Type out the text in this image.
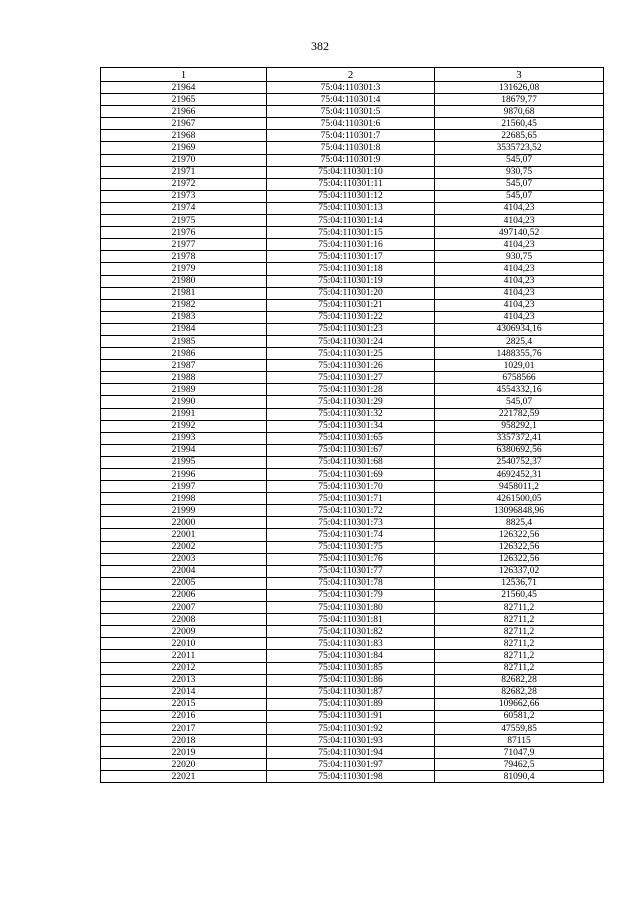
382
1	2	3
21964	75:04:110301:3	131626,08
21965	75:04:110301:4	18679,77
21966	75:04:110301:5	9870,68
21967	75:04:110301:6	21560,45
21968	75:04:110301:7	22685,65
21969	75:04:110301:8	3535723,52
21970	75:04:110301:9	545,07
21971	75:04:110301:10	930,75
21972	75:04:110301:11	545,07
21973	75:04:110301:12	545,07
21974	75:04:110301:13	4104,23
21975	75:04:110301:14	4104,23
21976	75:04:110301:15	497140,52
21977	75:04:110301:16	4104,23
21978	75:04:110301:17	930,75
21979	75:04:110301:18	4104,23
21980	75:04:110301:19	4104,23
21981	75:04:110301:20	4104,23
21982	75:04:110301:21	4104,23
21983	75:04:110301:22	4104,23
21984	75:04:110301:23	4306934,16
21985	75:04:110301:24	2825,4
21986	75:04:110301:25	1488355,76
21987	75:04:110301:26	1029,01
21988	75:04:110301:27	6758566
21989	75:04:110301:28	4554332,16
21990	75:04:110301:29	545,07
21991	75:04:110301:32	221782,59
21992	75:04:110301:34	958292,1
21993	75:04:110301:65	3357372,41
21994	75:04:110301:67	6380692,56
21995	75:04:110301:68	2540752,37
21996	75:04:110301:69	4692452,31
21997	75:04:110301:70	9458011,2
21998	75:04:110301:71	4261500,05
21999	75:04:110301:72	13096848,96
22000	75:04:110301:73	8825,4
22001	75:04:110301:74	126322,56
22002	75:04:110301:75	126322,56
22003	75:04:110301:76	126322,56
22004	75:04:110301:77	126337,02
22005	75:04:110301:78	12536,71
22006	75:04:110301:79	21560,45
22007	75:04:110301:80	82711,2
22008	75:04:110301:81	82711,2
22009	75:04:110301:82	82711,2
22010	75:04:110301:83	82711,2
22011	75:04:110301:84	82711,2
22012	75:04:110301:85	82711,2
22013	75:04:110301:86	82682,28
22014	75:04:110301:87	82682,28
22015	75:04:110301:89	109662,66
22016	75:04:110301:91	60581,2
22017	75:04:110301:92	47559,85
22018	75:04:110301:93	87115
22019	75:04:110301:94	71047,9
22020	75:04:110301:97	79462,5
22021	75:04:110301:98	81090,4
